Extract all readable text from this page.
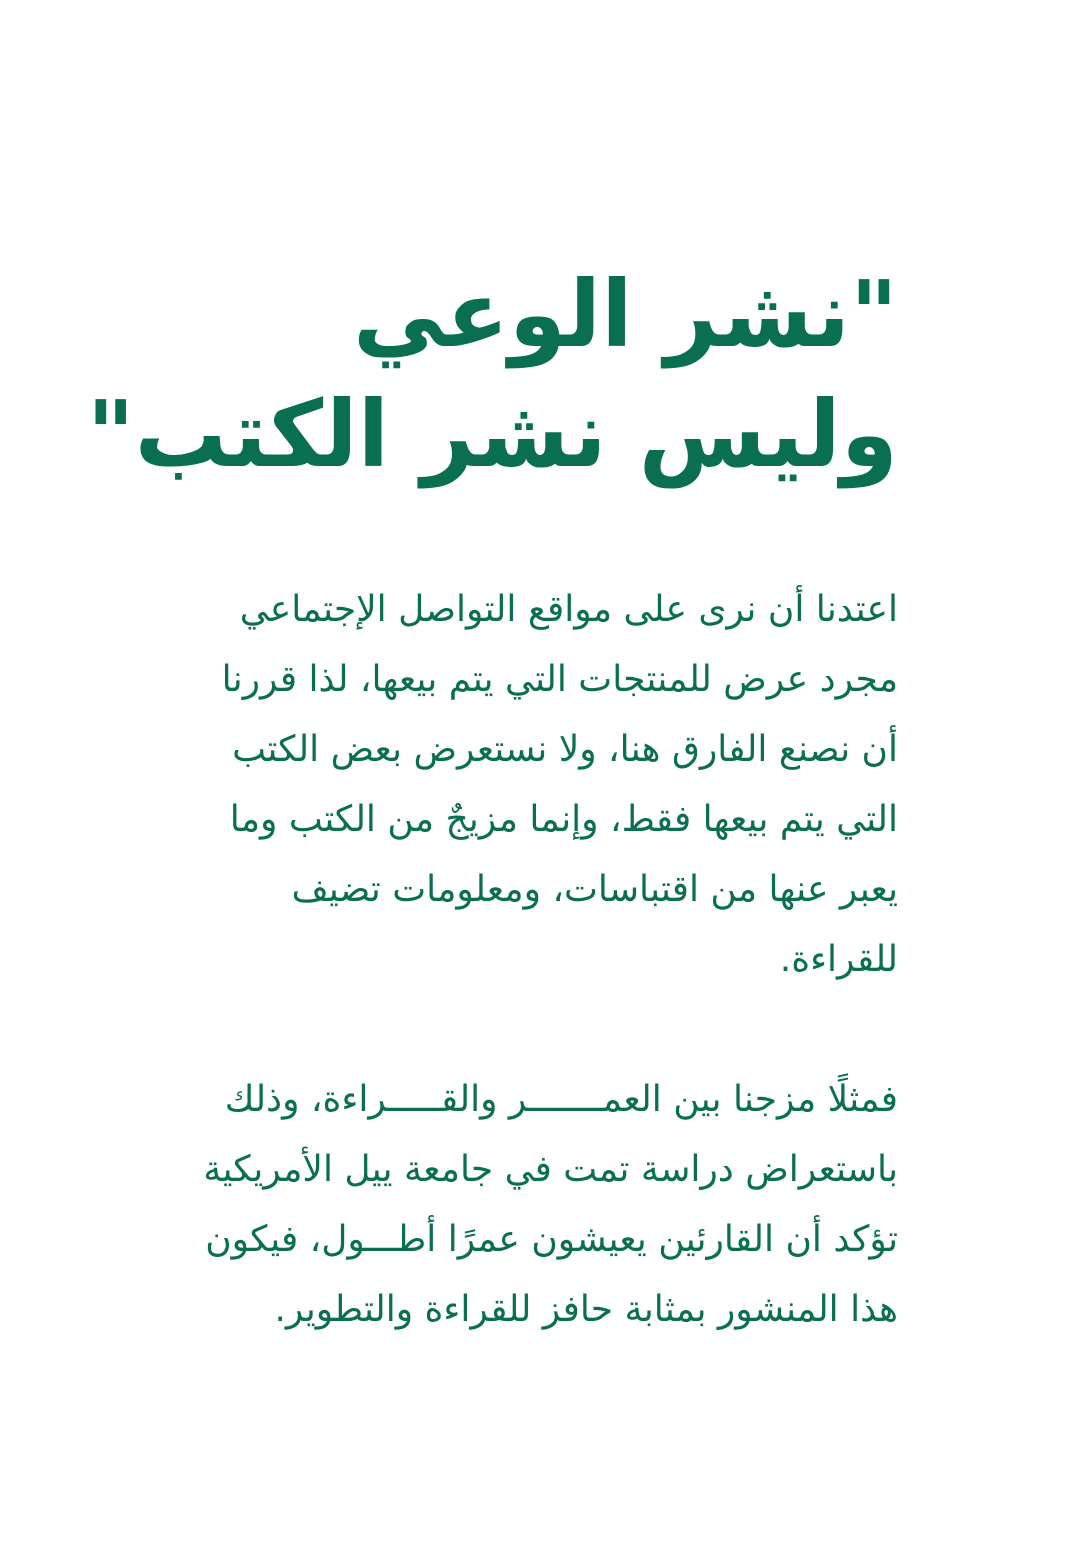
"نشر الوعي
وليس نشر الكتب"

اعتدنا أن نرى على مواقع التواصل الإجتماعي
مجرد عرض للمنتجات التي يتم بيعها، لذا قررنا
أن نصنع الفارق هنا، ولا نستعرض بعض الكتب
التي يتم بيعها فقط، وإنما مزيجٌ من الكتب وما
يعبر عنها من اقتباسات، ومعلومات تضيف
للقراءة.

فمثلًا مزجنا بين العمـــــــر والقـــــراءة، وذلك
باستعراض دراسة تمت في جامعة ييل الأمريكية
تؤكد أن القارئين يعيشون عمرًا أطـــول، فيكون
هذا المنشور بمثابة حافز للقراءة والتطوير.
